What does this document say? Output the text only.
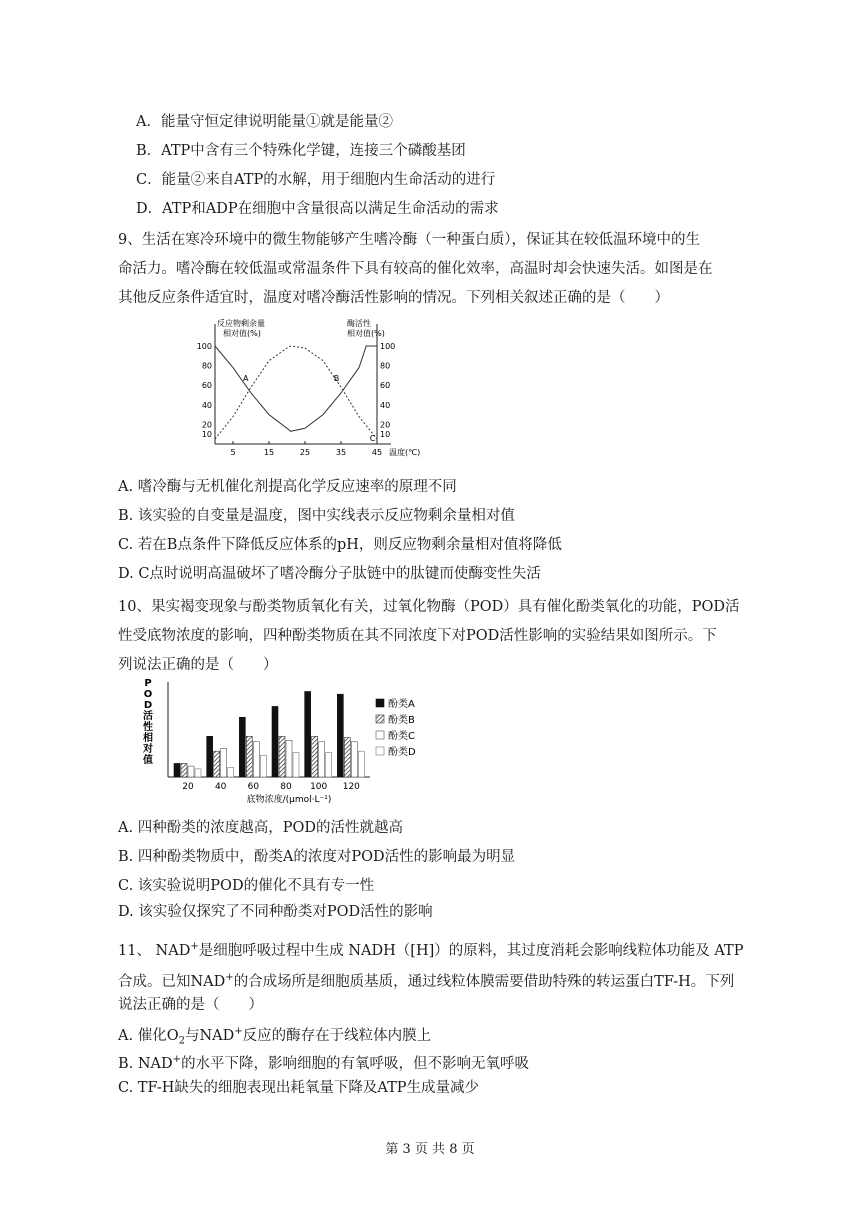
A．能量守恒定律说明能量①就是能量②
B．ATP中含有三个特殊化学键，连接三个磷酸基团
C．能量②来自ATP的水解，用于细胞内生命活动的进行
D．ATP和ADP在细胞中含量很高以满足生命活动的需求
9、生活在寒冷环境中的微生物能够产生嗜冷酶（一种蛋白质），保证其在较低温环境中的生
命活力。嗜冷酶在较低温或常温条件下具有较高的催化效率，高温时却会快速失活。如图是在
其他反应条件适宜时，温度对嗜冷酶活性影响的情况。下列相关叙述正确的是（　　）
反应物剩余量
相对值(%)
酶活性
相对值(%)
10	10
20	20
40	40
60	60
80	80
100	100
5	15	25	35	45 温度(℃)
A	B
C
A. 嗜冷酶与无机催化剂提高化学反应速率的原理不同
B. 该实验的自变量是温度，图中实线表示反应物剩余量相对值
C. 若在B点条件下降低反应体系的pH，则反应物剩余量相对值将降低
D. C点时说明高温破坏了嗜冷酶分子肽链中的肽键而使酶变性失活
10、果实褐变现象与酚类物质氧化有关，过氧化物酶（POD）具有催化酚类氧化的功能，POD活
性受底物浓度的影响，四种酚类物质在其不同浓度下对POD活性影响的实验结果如图所示。下
列说法正确的是（　　）
P
O
D
活
性
相
对
值
20 40 60 80 100 120
底物浓度/(μmol·L⁻¹)
酚类A
酚类B
酚类C
酚类D
A. 四种酚类的浓度越高，POD的活性就越高
B. 四种酚类物质中，酚类A的浓度对POD活性的影响最为明显
C. 该实验说明POD的催化不具有专一性
D. 该实验仅探究了不同种酚类对POD活性的影响
11、 NAD+是细胞呼吸过程中生成 NADH（[H]）的原料，其过度消耗会影响线粒体功能及 ATP
合成。已知NAD+的合成场所是细胞质基质，通过线粒体膜需要借助特殊的转运蛋白TF-H。下列
说法正确的是（　　）
A. 催化$O_2$与NAD+反应的酶存在于线粒体内膜上
B. NAD+的水平下降，影响细胞的有氧呼吸，但不影响无氧呼吸
C. TF-H缺失的细胞表现出耗氧量下降及ATP生成量减少
第 3 页 共 8 页
